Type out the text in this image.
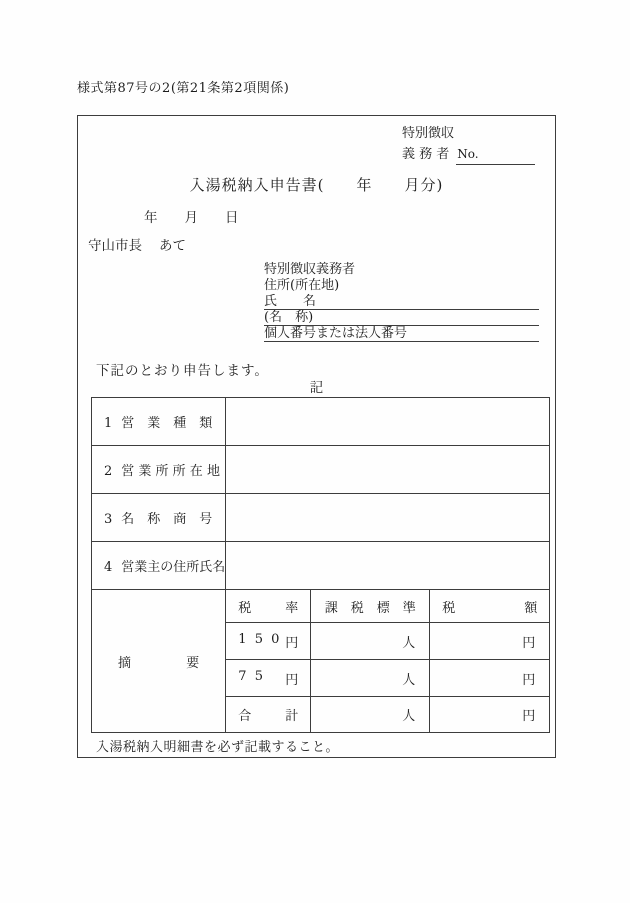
様式第87号の2(第21条第2項関係)
特別徴収
義 務 者 No.
入湯税納入申告書(　　年　　月分)
年　　月　　日
守山市長 あて
特別徴収義務者
住所(所在地)
氏　　名
(名　称)
個人番号または法人番号
下記のとおり申告します。
記
1 営　業　種　類			
2 営 業 所 所 在 地			
3 名　称　商　号			
4 営業主の住所氏名			

摘 要	税 率	課　税　標　準	税 額

	1 5 0 円	人	円

	7 5 円	人	円

	合 計	人	円
入湯税納入明細書を必ず記載すること。
